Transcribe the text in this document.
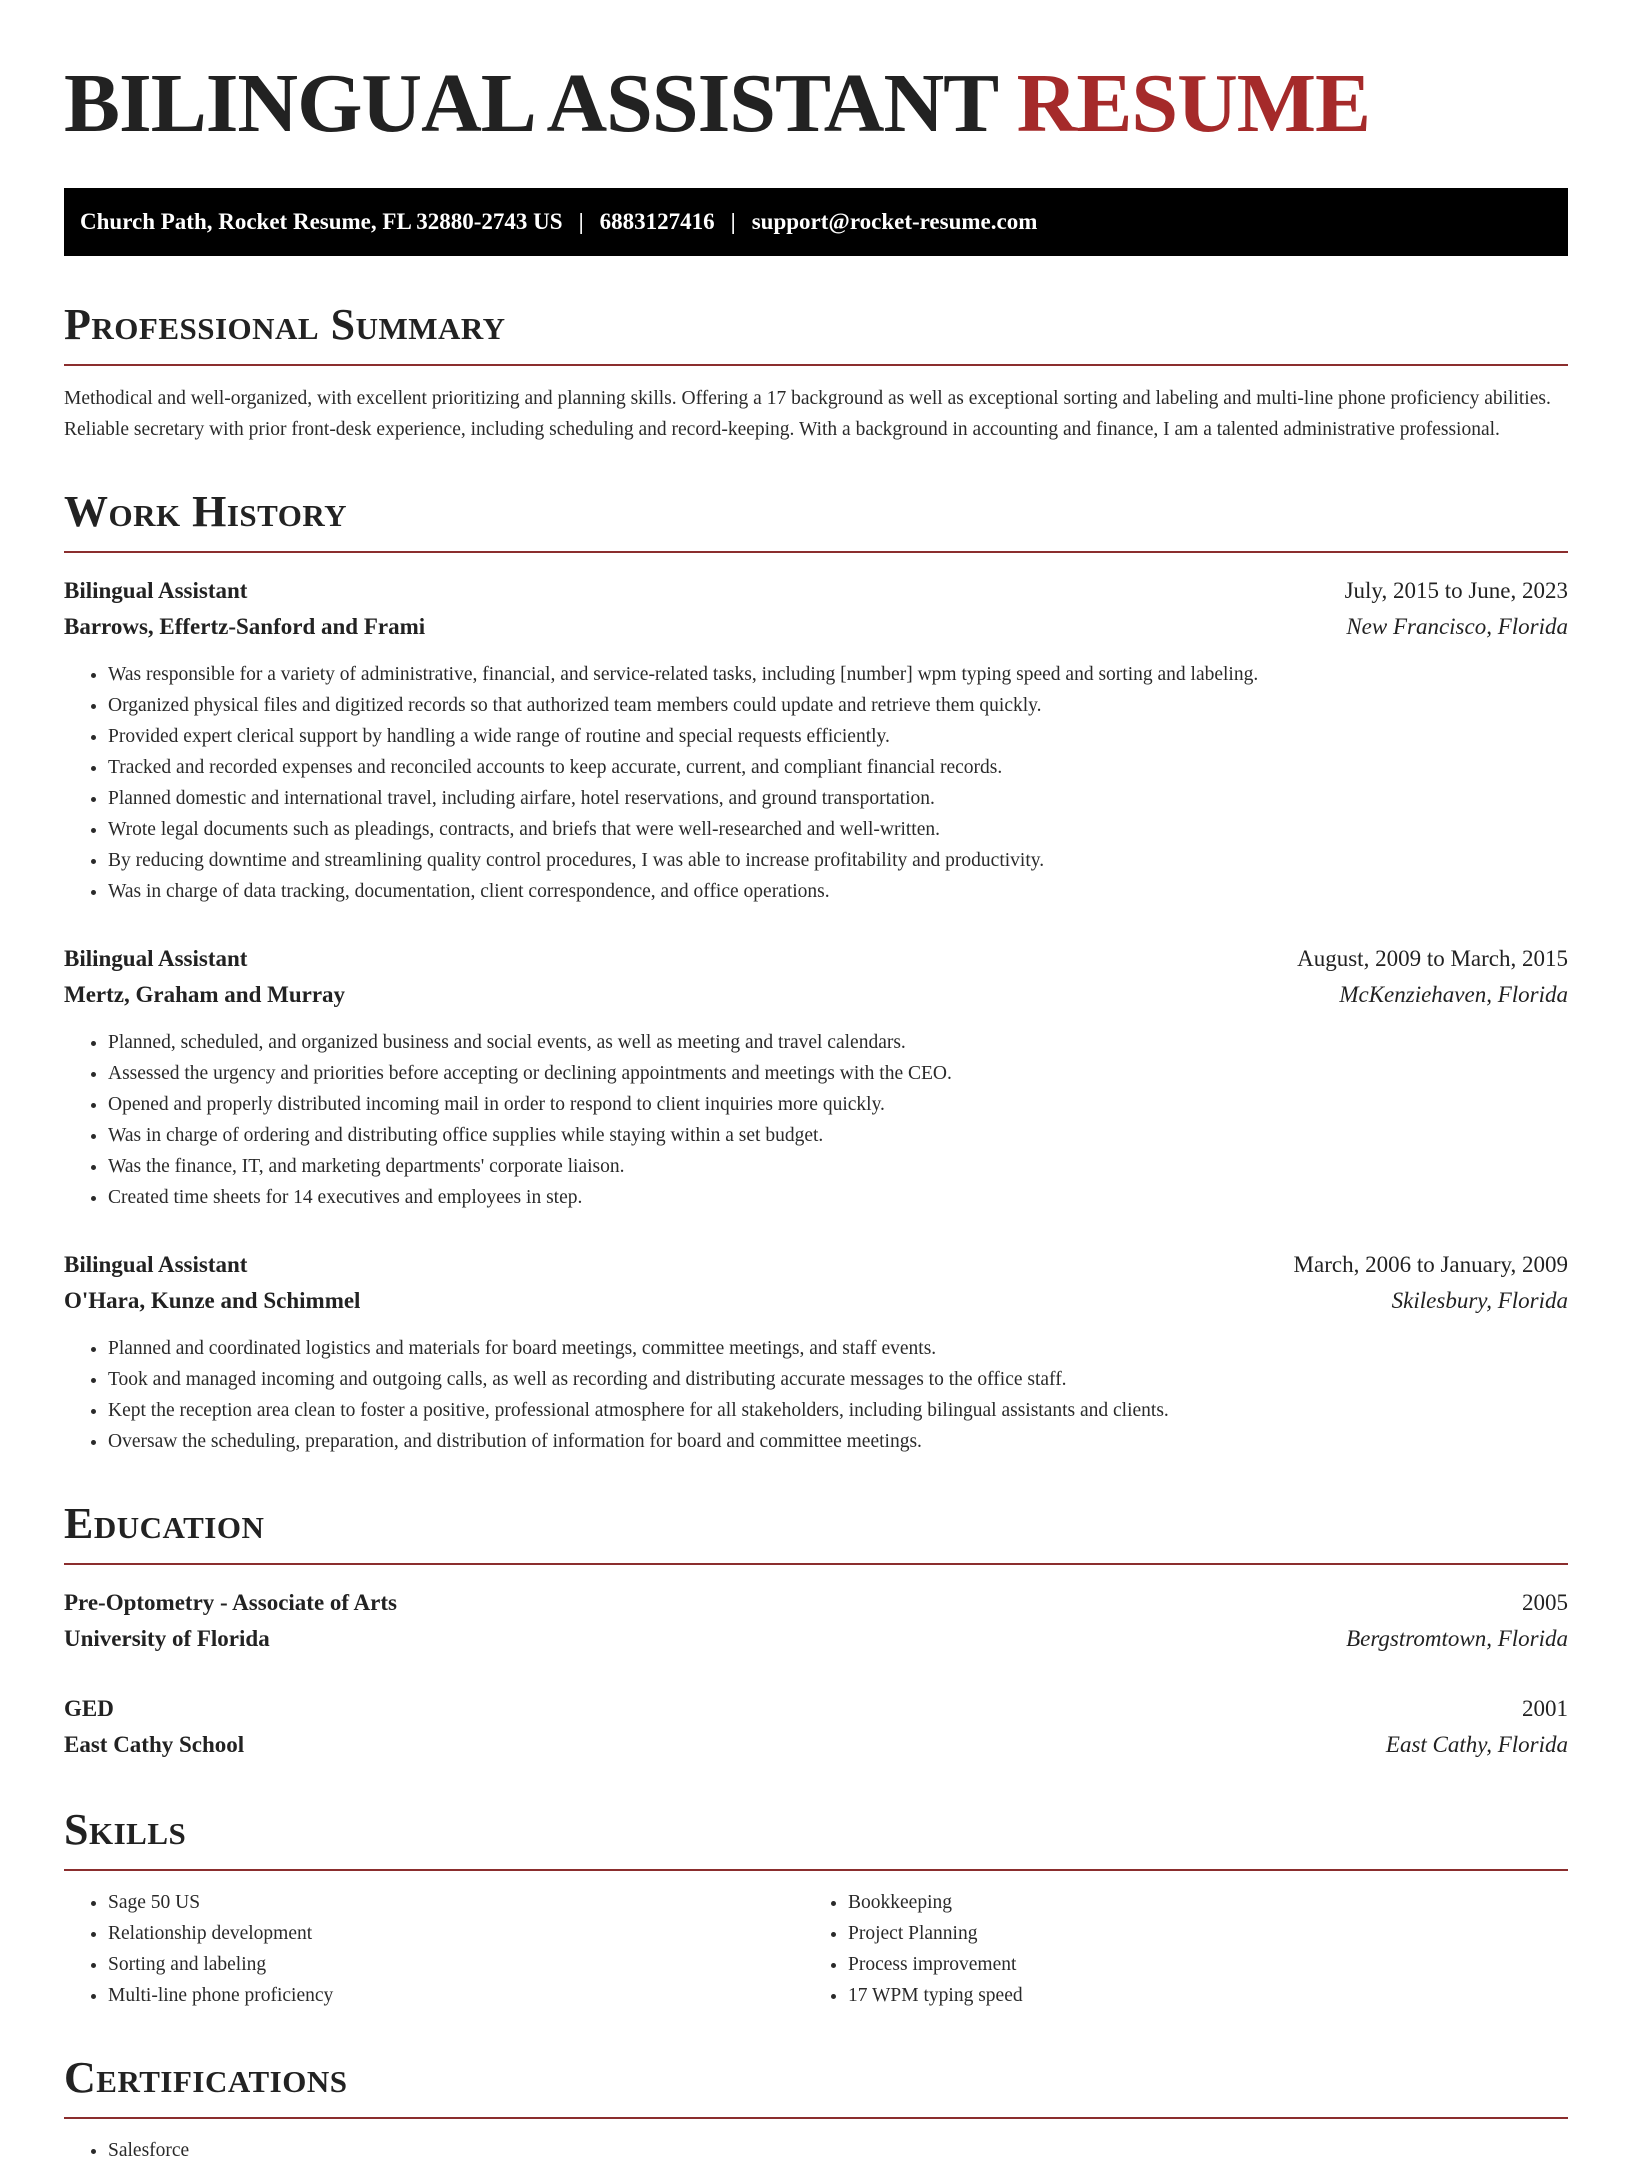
BILINGUAL ASSISTANT RESUME
Church Path, Rocket Resume, FL 32880-2743 US | 6883127416 | support@rocket-resume.com
Professional Summary
Methodical and well-organized, with excellent prioritizing and planning skills. Offering a 17 background as well as exceptional sorting and labeling and multi-line phone proficiency abilities. Reliable secretary with prior front-desk experience, including scheduling and record-keeping. With a background in accounting and finance, I am a talented administrative professional.
Work History
Bilingual Assistant	July, 2015 to June, 2023
Barrows, Effertz-Sanford and Frami	New Francisco, Florida
• Was responsible for a variety of administrative, financial, and service-related tasks, including [number] wpm typing speed and sorting and labeling.
• Organized physical files and digitized records so that authorized team members could update and retrieve them quickly.
• Provided expert clerical support by handling a wide range of routine and special requests efficiently.
• Tracked and recorded expenses and reconciled accounts to keep accurate, current, and compliant financial records.
• Planned domestic and international travel, including airfare, hotel reservations, and ground transportation.
• Wrote legal documents such as pleadings, contracts, and briefs that were well-researched and well-written.
• By reducing downtime and streamlining quality control procedures, I was able to increase profitability and productivity.
• Was in charge of data tracking, documentation, client correspondence, and office operations.
Bilingual Assistant	August, 2009 to March, 2015
Mertz, Graham and Murray	McKenziehaven, Florida
• Planned, scheduled, and organized business and social events, as well as meeting and travel calendars.
• Assessed the urgency and priorities before accepting or declining appointments and meetings with the CEO.
• Opened and properly distributed incoming mail in order to respond to client inquiries more quickly.
• Was in charge of ordering and distributing office supplies while staying within a set budget.
• Was the finance, IT, and marketing departments' corporate liaison.
• Created time sheets for 14 executives and employees in step.
Bilingual Assistant	March, 2006 to January, 2009
O'Hara, Kunze and Schimmel	Skilesbury, Florida
• Planned and coordinated logistics and materials for board meetings, committee meetings, and staff events.
• Took and managed incoming and outgoing calls, as well as recording and distributing accurate messages to the office staff.
• Kept the reception area clean to foster a positive, professional atmosphere for all stakeholders, including bilingual assistants and clients.
• Oversaw the scheduling, preparation, and distribution of information for board and committee meetings.
Education
Pre-Optometry - Associate of Arts	2005
University of Florida	Bergstromtown, Florida
GED	2001
East Cathy School	East Cathy, Florida
Skills
• Sage 50 US
• Relationship development
• Sorting and labeling
• Multi-line phone proficiency
• Bookkeeping
• Project Planning
• Process improvement
• 17 WPM typing speed
Certifications
• Salesforce
